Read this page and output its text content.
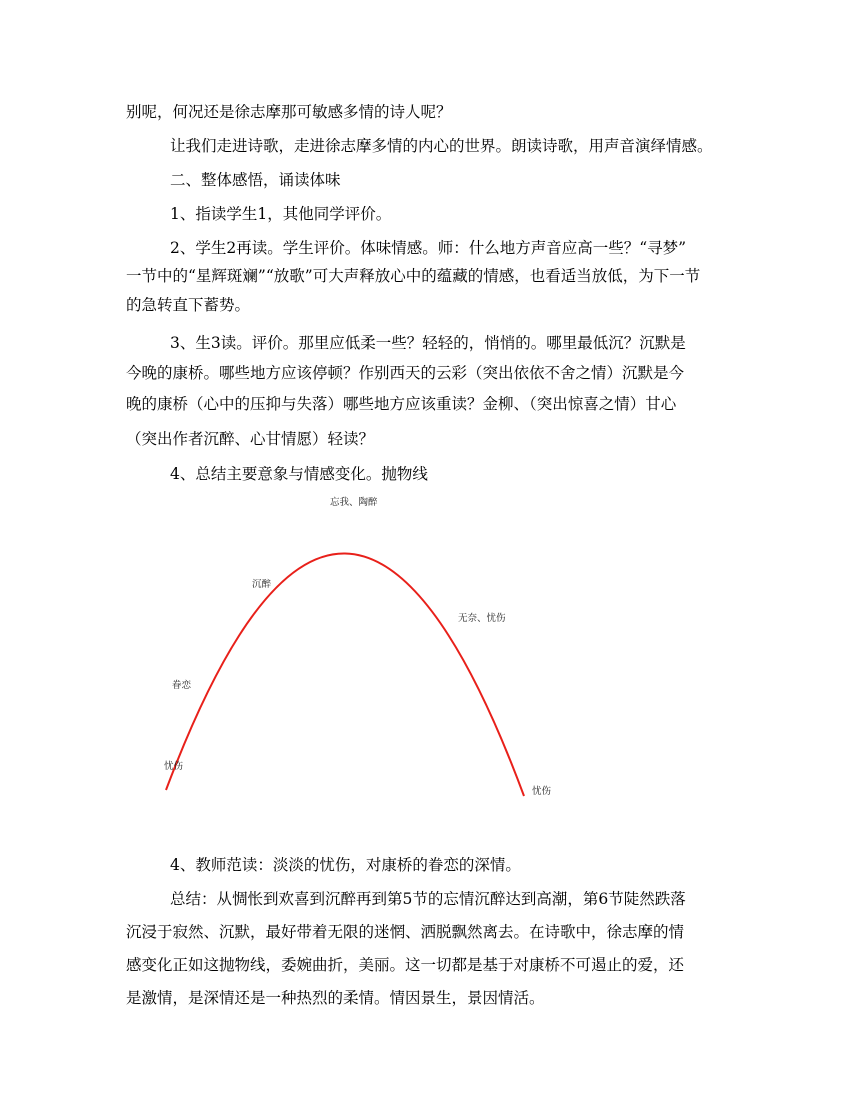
别呢，何况还是徐志摩那可敏感多情的诗人呢？
让我们走进诗歌，走进徐志摩多情的内心的世界。朗读诗歌，用声音演绎情感。
二、整体感悟，诵读体味
1、指读学生1，其他同学评价。
2、学生2再读。学生评价。体味情感。师：什么地方声音应高一些？“寻梦”
一节中的“星辉斑斓”“放歌”可大声释放心中的蕴藏的情感，也看适当放低，为下一节
的急转直下蓄势。
3、生3读。评价。那里应低柔一些？轻轻的，悄悄的。哪里最低沉？沉默是
今晚的康桥。哪些地方应该停顿？作别西天的云彩（突出依依不舍之情）沉默是今
晚的康桥（心中的压抑与失落）哪些地方应该重读？金柳、（突出惊喜之情）甘心
（突出作者沉醉、心甘情愿）轻读？
4、总结主要意象与情感变化。抛物线
忧伤
眷恋
沉醉
忘我、陶醉
无奈、忧伤
忧伤
4、教师范读：淡淡的忧伤，对康桥的眷恋的深情。
总结：从惆怅到欢喜到沉醉再到第5节的忘情沉醉达到高潮，第6节陡然跌落
沉浸于寂然、沉默，最好带着无限的迷惘、洒脱飘然离去。在诗歌中，徐志摩的情
感变化正如这抛物线，委婉曲折，美丽。这一切都是基于对康桥不可遏止的爱，还
是激情，是深情还是一种热烈的柔情。情因景生，景因情活。
